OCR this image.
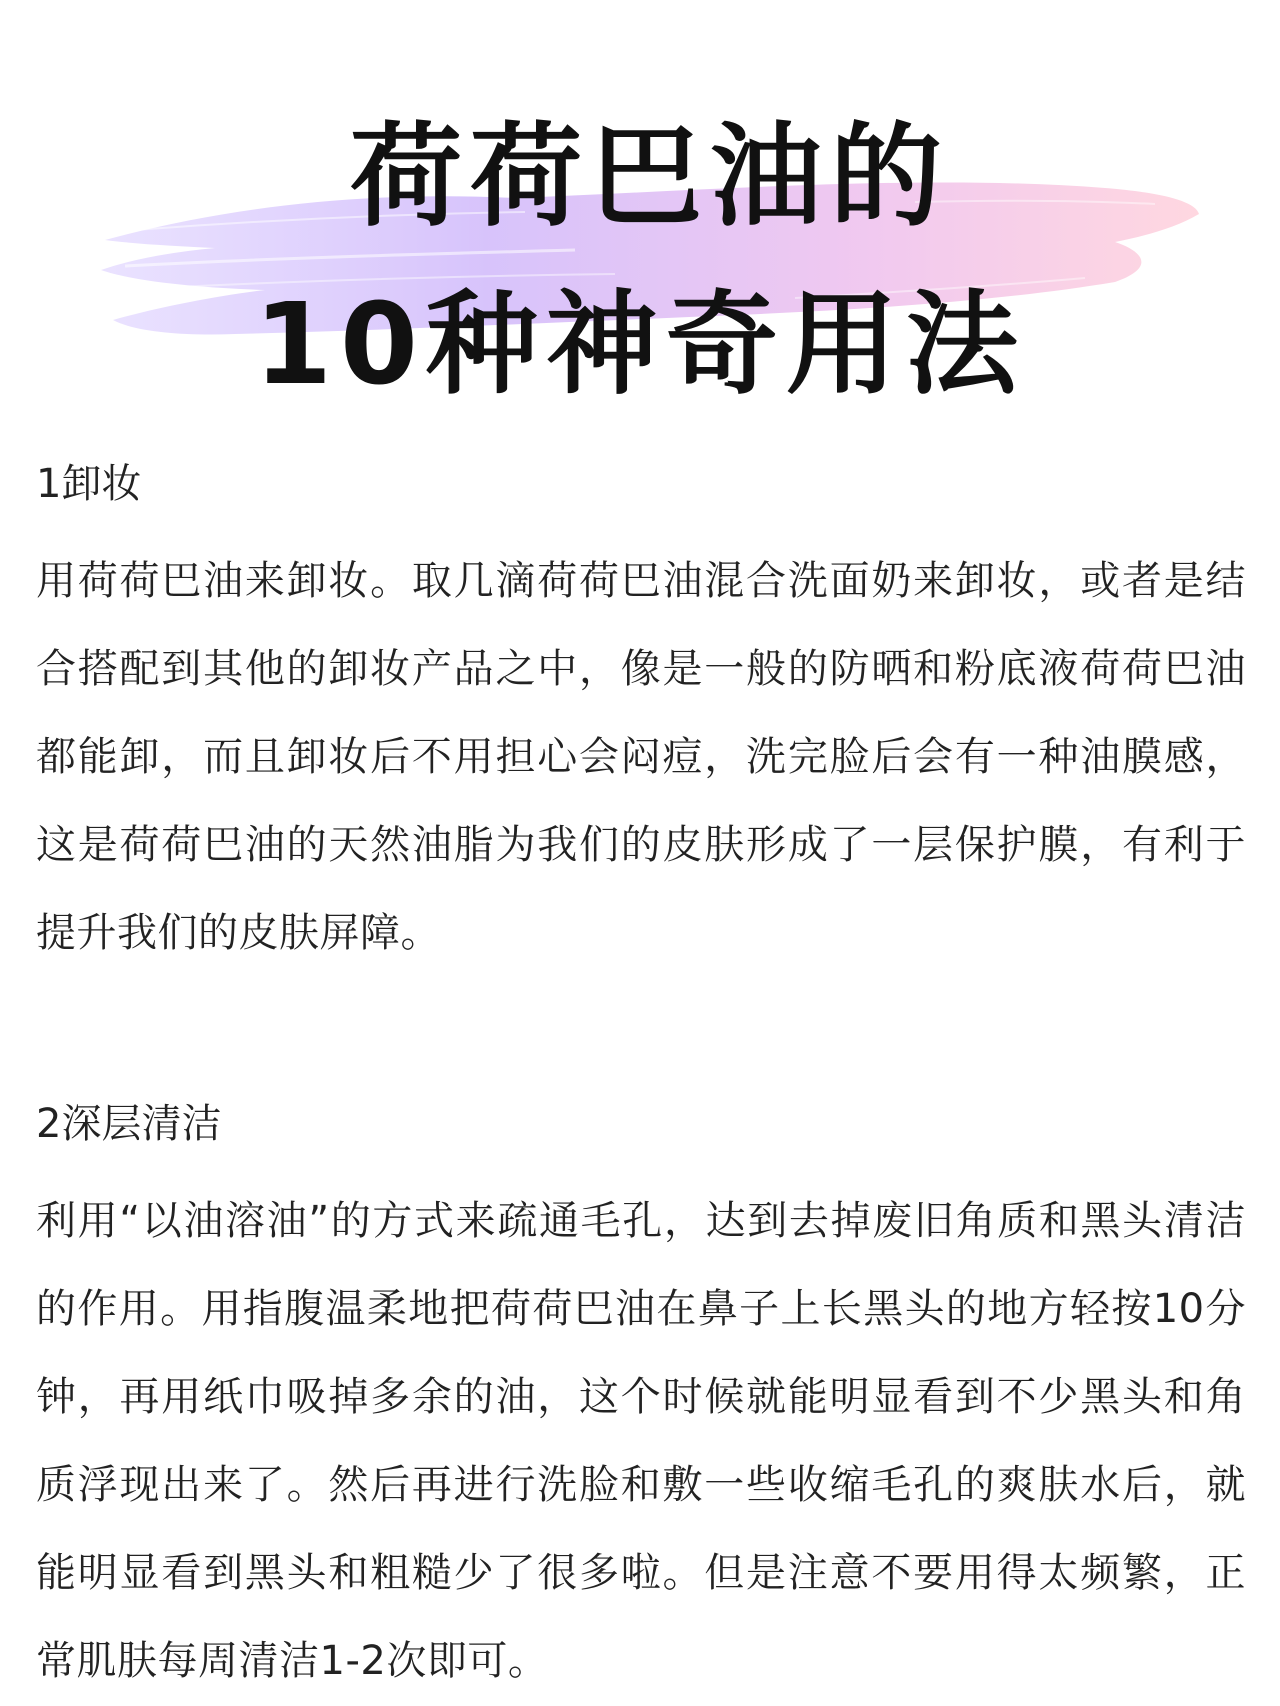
荷荷巴油的
10种神奇用法
1卸妆

用荷荷巴油来卸妆。取几滴荷荷巴油混合洗面奶来卸妆，或者是结合搭配到其他的卸妆产品之中，像是一般的防晒和粉底液荷荷巴油都能卸，而且卸妆后不用担心会闷痘，洗完脸后会有一种油膜感，这是荷荷巴油的天然油脂为我们的皮肤形成了一层保护膜，有利于提升我们的皮肤屏障。

2深层清洁

利用“以油溶油”的方式来疏通毛孔，达到去掉废旧角质和黑头清洁的作用。用指腹温柔地把荷荷巴油在鼻子上长黑头的地方轻按10分钟，再用纸巾吸掉多余的油，这个时候就能明显看到不少黑头和角质浮现出来了。然后再进行洗脸和敷一些收缩毛孔的爽肤水后，就能明显看到黑头和粗糙少了很多啦。但是注意不要用得太频繁，正常肌肤每周清洁1-2次即可。
